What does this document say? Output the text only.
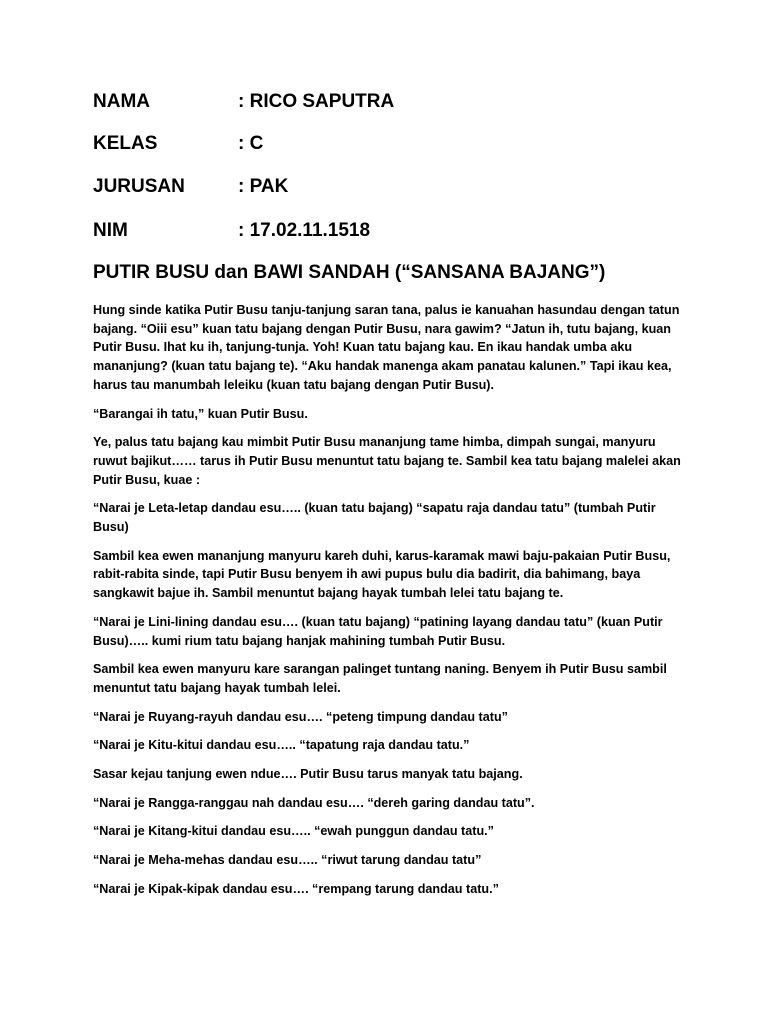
NAMA	: RICO SAPUTRA
KELAS	: C
JURUSAN	: PAK
NIM	: 17.02.11.1518
PUTIR BUSU dan BAWI SANDAH (“SANSANA BAJANG”)

Hung sinde katika Putir Busu tanju-tanjung saran tana, palus ie kanuahan hasundau dengan tatun bajang. “Oiii esu” kuan tatu bajang dengan Putir Busu, nara gawim? “Jatun ih, tutu bajang, kuan Putir Busu. Ihat ku ih, tanjung-tunja. Yoh! Kuan tatu bajang kau. En ikau handak umba aku mananjung? (kuan tatu bajang te). “Aku handak manenga akam panatau kalunen.” Tapi ikau kea, harus tau manumbah leleiku (kuan tatu bajang dengan Putir Busu).

“Barangai ih tatu,” kuan Putir Busu.

Ye, palus tatu bajang kau mimbit Putir Busu mananjung tame himba, dimpah sungai, manyuru ruwut bajikut…… tarus ih Putir Busu menuntut tatu bajang te. Sambil kea tatu bajang malelei akan Putir Busu, kuae :

“Narai je Leta-letap dandau esu….. (kuan tatu bajang) “sapatu raja dandau tatu” (tumbah Putir Busu)

Sambil kea ewen mananjung manyuru kareh duhi, karus-karamak mawi baju-pakaian Putir Busu, rabit-rabita sinde, tapi Putir Busu benyem ih awi pupus bulu dia badirit, dia bahimang, baya sangkawit bajue ih. Sambil menuntut bajang hayak tumbah lelei tatu bajang te.

“Narai je Lini-lining dandau esu…. (kuan tatu bajang) “patining layang dandau tatu” (kuan Putir Busu)….. kumi rium tatu bajang hanjak mahining tumbah Putir Busu.

Sambil kea ewen manyuru kare sarangan palinget tuntang naning. Benyem ih Putir Busu sambil menuntut tatu bajang hayak tumbah lelei.

“Narai je Ruyang-rayuh dandau esu…. “peteng timpung dandau tatu”

“Narai je Kitu-kitui dandau esu….. “tapatung raja dandau tatu.”

Sasar kejau tanjung ewen ndue…. Putir Busu tarus manyak tatu bajang.

“Narai je Rangga-ranggau nah dandau esu…. “dereh garing dandau tatu”.

“Narai je Kitang-kitui dandau esu….. “ewah punggun dandau tatu.”

“Narai je Meha-mehas dandau esu….. “riwut tarung dandau tatu”

“Narai je Kipak-kipak dandau esu…. “rempang tarung dandau tatu.”
